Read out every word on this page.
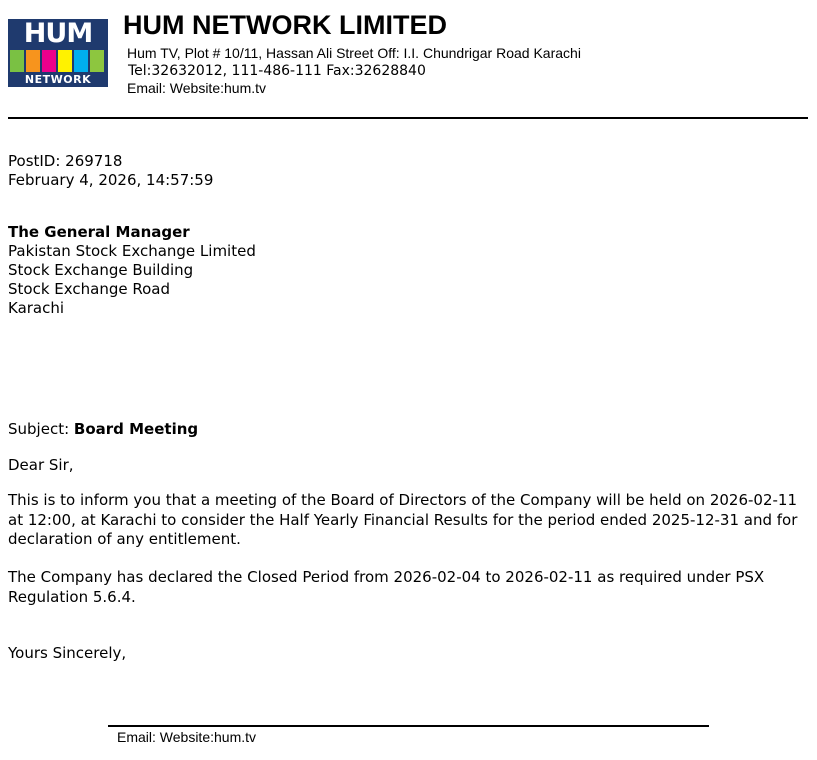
HUM
NETWORK
HUM NETWORK LIMITED
Hum TV, Plot # 10/11, Hassan Ali Street Off: I.I. Chundrigar Road Karachi
Tel:32632012, 111-486-111 Fax:32628840
Email: Website:hum.tv
PostID: 269718
February 4, 2026, 14:57:59
The General Manager
Pakistan Stock Exchange Limited
Stock Exchange Building
Stock Exchange Road
Karachi
Subject: Board Meeting
Dear Sir,
This is to inform you that a meeting of the Board of Directors of the Company will be held on 2026-02-11 at 12:00, at Karachi to consider the Half Yearly Financial Results for the period ended 2025-12-31 and for declaration of any entitlement.
The Company has declared the Closed Period from 2026-02-04 to 2026-02-11 as required under PSX Regulation 5.6.4.
Yours Sincerely,
Email: Website:hum.tv
